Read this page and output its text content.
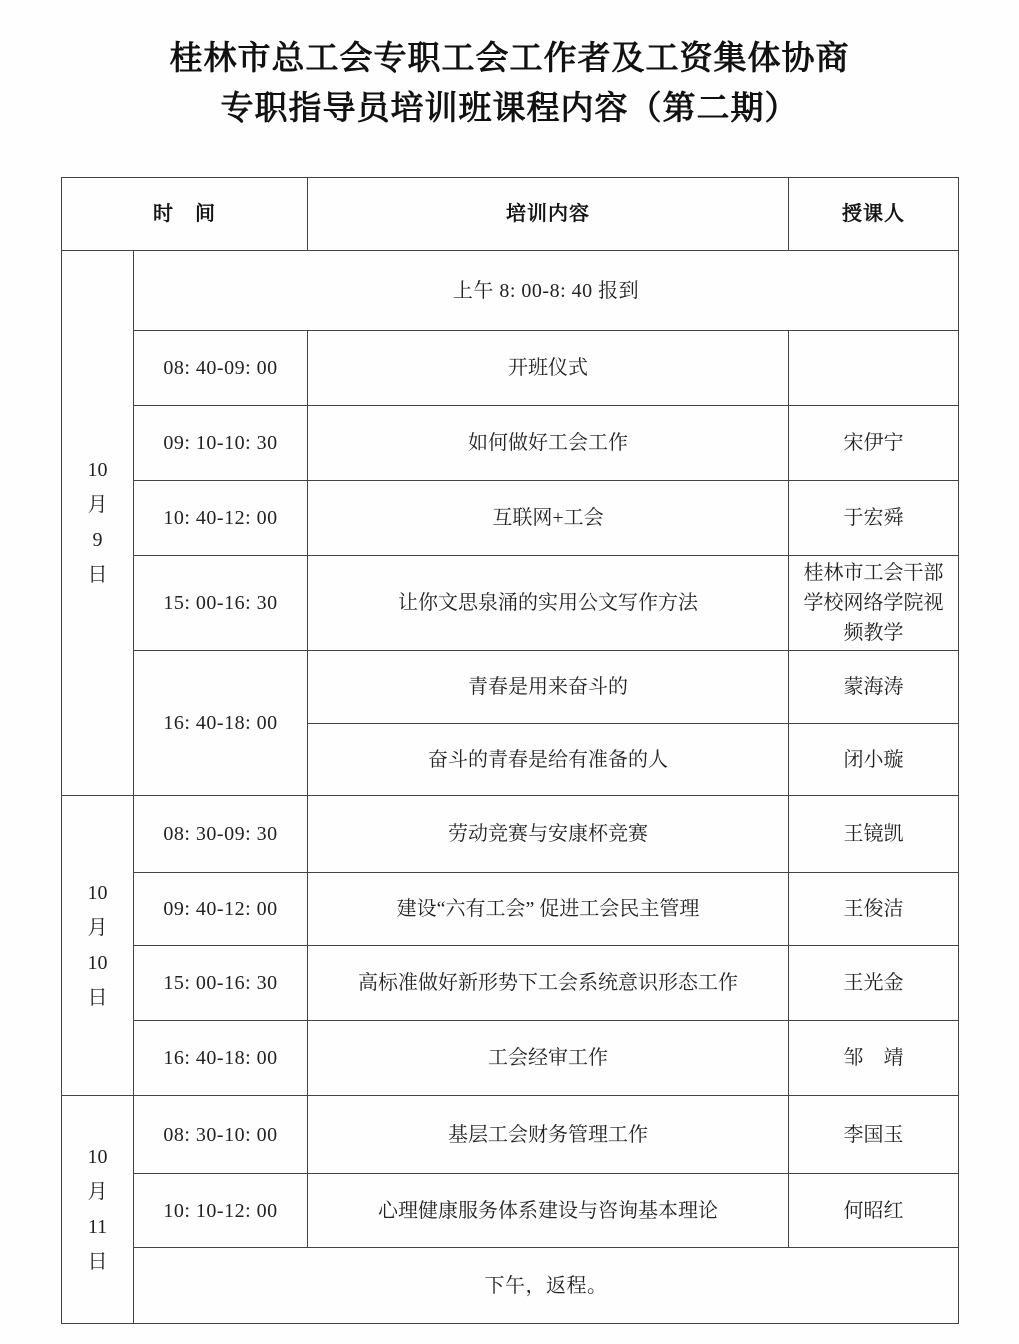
桂林市总工会专职工会工作者及工资集体协商
专职指导员培训班课程内容（第二期）
时　间		培训内容	授课人

10
月
9
日	上午 8: 00-8: 40 报到		
	08: 40-09: 00	开班仪式	
	09: 10-10: 30	如何做好工会工作	宋伊宁
	10: 40-12: 00	互联网+工会	于宏舜
	15: 00-16: 30	让你文思泉涌的实用公文写作方法	桂林市工会干部学校网络学院视频教学
	16: 40-18: 00	青春是用来奋斗的	蒙海涛
		奋斗的青春是给有准备的人	闭小璇

10
月
10
日	08: 30-09: 30	劳动竞赛与安康杯竞赛	王镜凯
	09: 40-12: 00	建设“六有工会” 促进工会民主管理	王俊洁
	15: 00-16: 30	高标准做好新形势下工会系统意识形态工作	王光金
	16: 40-18: 00	工会经审工作	邹　靖

10
月
11
日	08: 30-10: 00	基层工会财务管理工作	李国玉
	10: 10-12: 00	心理健康服务体系建设与咨询基本理论	何昭红
	下午，返程。		
